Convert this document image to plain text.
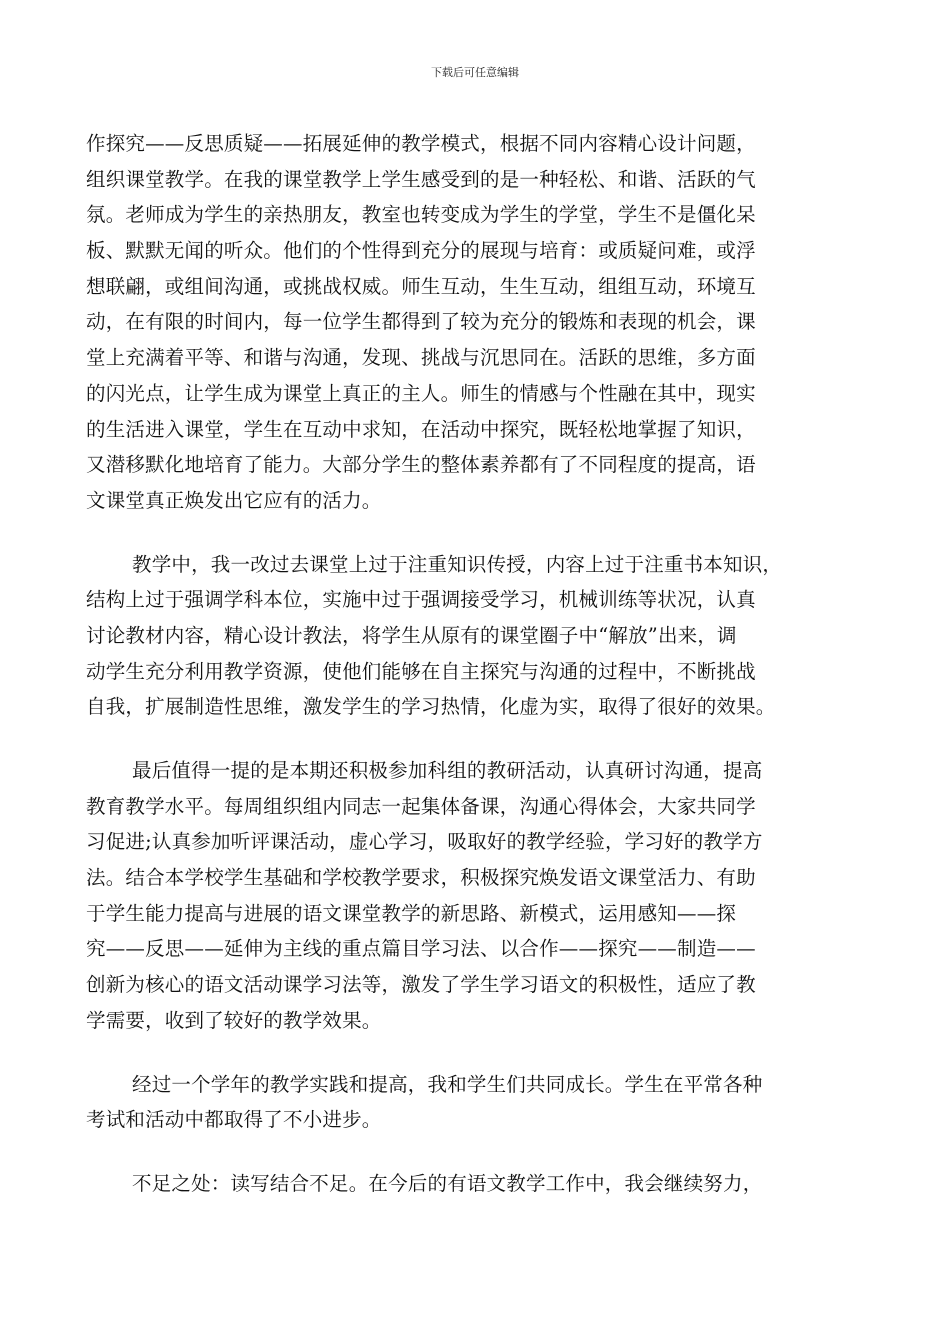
下载后可任意编辑
作探究——反思质疑——拓展延伸的教学模式，根据不同内容精心设计问题，
组织课堂教学。在我的课堂教学上学生感受到的是一种轻松、和谐、活跃的气
氛。老师成为学生的亲热朋友，教室也转变成为学生的学堂，学生不是僵化呆
板、默默无闻的听众。他们的个性得到充分的展现与培育：或质疑问难，或浮
想联翩，或组间沟通，或挑战权威。师生互动，生生互动，组组互动，环境互
动，在有限的时间内，每一位学生都得到了较为充分的锻炼和表现的机会，课
堂上充满着平等、和谐与沟通，发现、挑战与沉思同在。活跃的思维，多方面
的闪光点，让学生成为课堂上真正的主人。师生的情感与个性融在其中，现实
的生活进入课堂，学生在互动中求知，在活动中探究，既轻松地掌握了知识，
又潜移默化地培育了能力。大部分学生的整体素养都有了不同程度的提高，语
文课堂真正焕发出它应有的活力。
教学中，我一改过去课堂上过于注重知识传授，内容上过于注重书本知识，
结构上过于强调学科本位，实施中过于强调接受学习，机械训练等状况，认真
讨论教材内容，精心设计教法，将学生从原有的课堂圈子中“解放”出来，调
动学生充分利用教学资源，使他们能够在自主探究与沟通的过程中，不断挑战
自我，扩展制造性思维，激发学生的学习热情，化虚为实，取得了很好的效果。
最后值得一提的是本期还积极参加科组的教研活动，认真研讨沟通，提高
教育教学水平。每周组织组内同志一起集体备课，沟通心得体会，大家共同学
习促进;认真参加听评课活动，虚心学习，吸取好的教学经验，学习好的教学方
法。结合本学校学生基础和学校教学要求，积极探究焕发语文课堂活力、有助
于学生能力提高与进展的语文课堂教学的新思路、新模式，运用感知——探
究——反思——延伸为主线的重点篇目学习法、以合作——探究——制造——
创新为核心的语文活动课学习法等，激发了学生学习语文的积极性，适应了教
学需要，收到了较好的教学效果。
经过一个学年的教学实践和提高，我和学生们共同成长。学生在平常各种
考试和活动中都取得了不小进步。
不足之处：读写结合不足。在今后的有语文教学工作中，我会继续努力，
